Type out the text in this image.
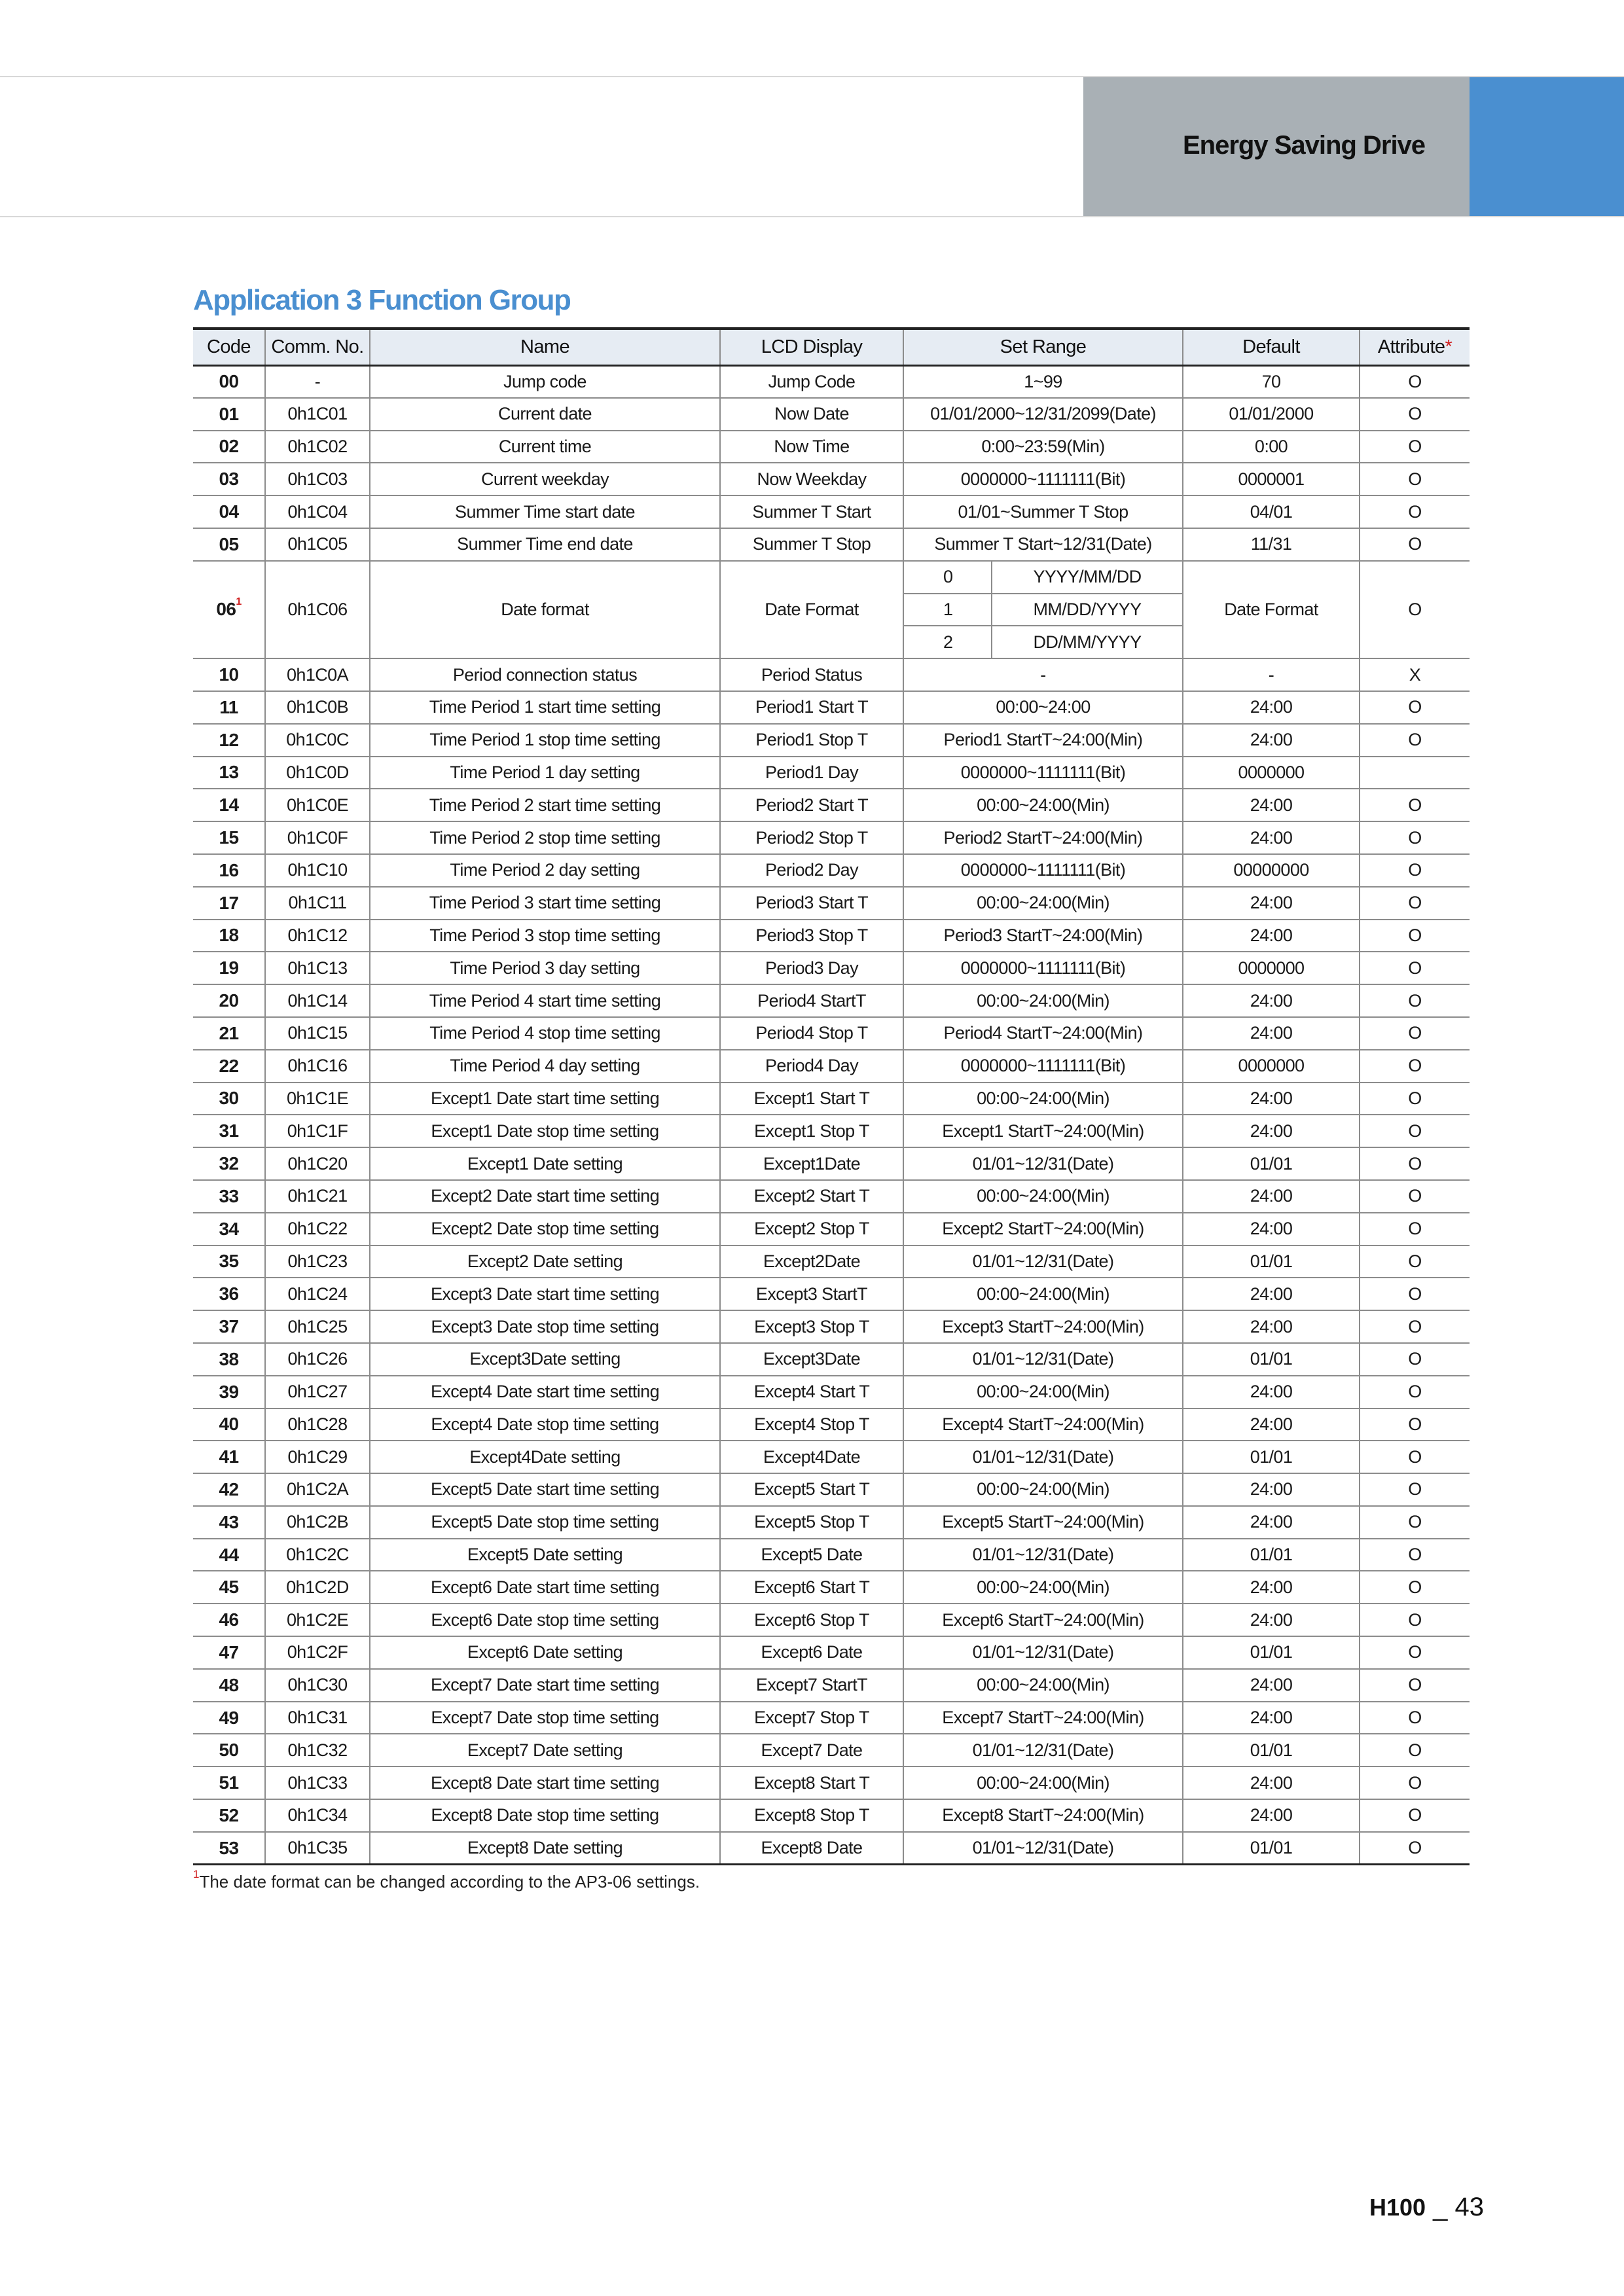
Energy Saving Drive
Application 3 Function Group
Code	Comm. No.	Name	LCD Display	Set Range		Default	Attribute*
00	-	Jump code	Jump Code	1~99		70	O
01	0h1C01	Current date	Now Date	01/01/2000~12/31/2099(Date)		01/01/2000	O
02	0h1C02	Current time	Now Time	0:00~23:59(Min)		0:00	O
03	0h1C03	Current weekday	Now Weekday	0000000~1111111(Bit)		0000001	O
04	0h1C04	Summer Time start date	Summer T Start	01/01~Summer T Stop		04/01	O
05	0h1C05	Summer Time end date	Summer T Stop	Summer T Start~12/31(Date)		11/31	O
06$^1$	0h1C06	Date format	Date Format	0	YYYY/MM/DD	Date Format	O
				1	MM/DD/YYYY		
				2	DD/MM/YYYY		
10	0h1C0A	Period connection status	Period Status	-		-	X
11	0h1C0B	Time Period 1 start time setting	Period1 Start T	00:00~24:00		24:00	O
12	0h1C0C	Time Period 1 stop time setting	Period1 Stop T	Period1 StartT~24:00(Min)		24:00	O
13	0h1C0D	Time Period 1 day setting	Period1 Day	0000000~1111111(Bit)		0000000	
14	0h1C0E	Time Period 2 start time setting	Period2 Start T	00:00~24:00(Min)		24:00	O
15	0h1C0F	Time Period 2 stop time setting	Period2 Stop T	Period2 StartT~24:00(Min)		24:00	O
16	0h1C10	Time Period 2 day setting	Period2 Day	0000000~1111111(Bit)		00000000	O
17	0h1C11	Time Period 3 start time setting	Period3 Start T	00:00~24:00(Min)		24:00	O
18	0h1C12	Time Period 3 stop time setting	Period3 Stop T	Period3 StartT~24:00(Min)		24:00	O
19	0h1C13	Time Period 3 day setting	Period3 Day	0000000~1111111(Bit)		0000000	O
20	0h1C14	Time Period 4 start time setting	Period4 StartT	00:00~24:00(Min)		24:00	O
21	0h1C15	Time Period 4 stop time setting	Period4 Stop T	Period4 StartT~24:00(Min)		24:00	O
22	0h1C16	Time Period 4 day setting	Period4 Day	0000000~1111111(Bit)		0000000	O
30	0h1C1E	Except1 Date start time setting	Except1 Start T	00:00~24:00(Min)		24:00	O
31	0h1C1F	Except1 Date stop time setting	Except1 Stop T	Except1 StartT~24:00(Min)		24:00	O
32	0h1C20	Except1 Date setting	Except1Date	01/01~12/31(Date)		01/01	O
33	0h1C21	Except2 Date start time setting	Except2 Start T	00:00~24:00(Min)		24:00	O
34	0h1C22	Except2 Date stop time setting	Except2 Stop T	Except2 StartT~24:00(Min)		24:00	O
35	0h1C23	Except2 Date setting	Except2Date	01/01~12/31(Date)		01/01	O
36	0h1C24	Except3 Date start time setting	Except3 StartT	00:00~24:00(Min)		24:00	O
37	0h1C25	Except3 Date stop time setting	Except3 Stop T	Except3 StartT~24:00(Min)		24:00	O
38	0h1C26	Except3Date setting	Except3Date	01/01~12/31(Date)		01/01	O
39	0h1C27	Except4 Date start time setting	Except4 Start T	00:00~24:00(Min)		24:00	O
40	0h1C28	Except4 Date stop time setting	Except4 Stop T	Except4 StartT~24:00(Min)		24:00	O
41	0h1C29	Except4Date setting	Except4Date	01/01~12/31(Date)		01/01	O
42	0h1C2A	Except5 Date start time setting	Except5 Start T	00:00~24:00(Min)		24:00	O
43	0h1C2B	Except5 Date stop time setting	Except5 Stop T	Except5 StartT~24:00(Min)		24:00	O
44	0h1C2C	Except5 Date setting	Except5 Date	01/01~12/31(Date)		01/01	O
45	0h1C2D	Except6 Date start time setting	Except6 Start T	00:00~24:00(Min)		24:00	O
46	0h1C2E	Except6 Date stop time setting	Except6 Stop T	Except6 StartT~24:00(Min)		24:00	O
47	0h1C2F	Except6 Date setting	Except6 Date	01/01~12/31(Date)		01/01	O
48	0h1C30	Except7 Date start time setting	Except7 StartT	00:00~24:00(Min)		24:00	O
49	0h1C31	Except7 Date stop time setting	Except7 Stop T	Except7 StartT~24:00(Min)		24:00	O
50	0h1C32	Except7 Date setting	Except7 Date	01/01~12/31(Date)		01/01	O
51	0h1C33	Except8 Date start time setting	Except8 Start T	00:00~24:00(Min)		24:00	O
52	0h1C34	Except8 Date stop time setting	Except8 Stop T	Except8 StartT~24:00(Min)		24:00	O
53	0h1C35	Except8 Date setting	Except8 Date	01/01~12/31(Date)		01/01	O
$^1$The date format can be changed according to the AP3-06 settings.
H100 _ 43
